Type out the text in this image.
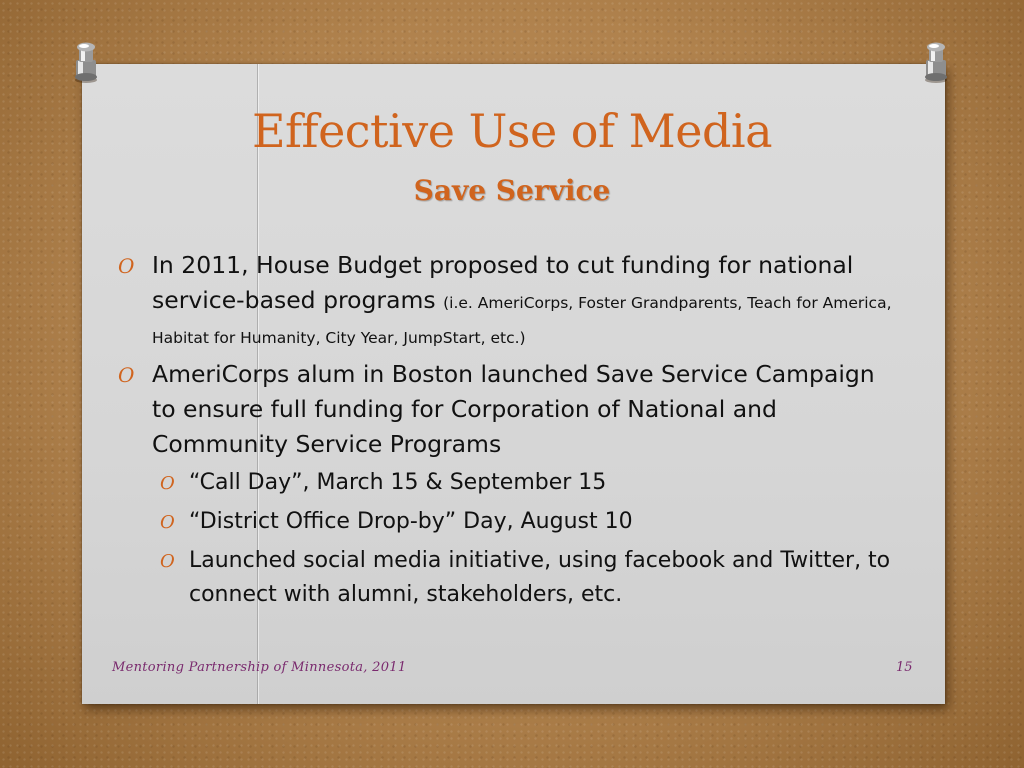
Effective Use of Media
Save Service
O In 2011, House Budget proposed to cut funding for national service-based programs (i.e. AmeriCorps, Foster Grandparents, Teach for America, Habitat for Humanity, City Year, JumpStart, etc.)
O AmeriCorps alum in Boston launched Save Service Campaign to ensure full funding for Corporation of National and Community Service Programs
O “Call Day”, March 15 & September 15
O “District Office Drop-by” Day, August 10
O Launched social media initiative, using facebook and Twitter, to connect with alumni, stakeholders, etc.
Mentoring Partnership of Minnesota, 2011	15
